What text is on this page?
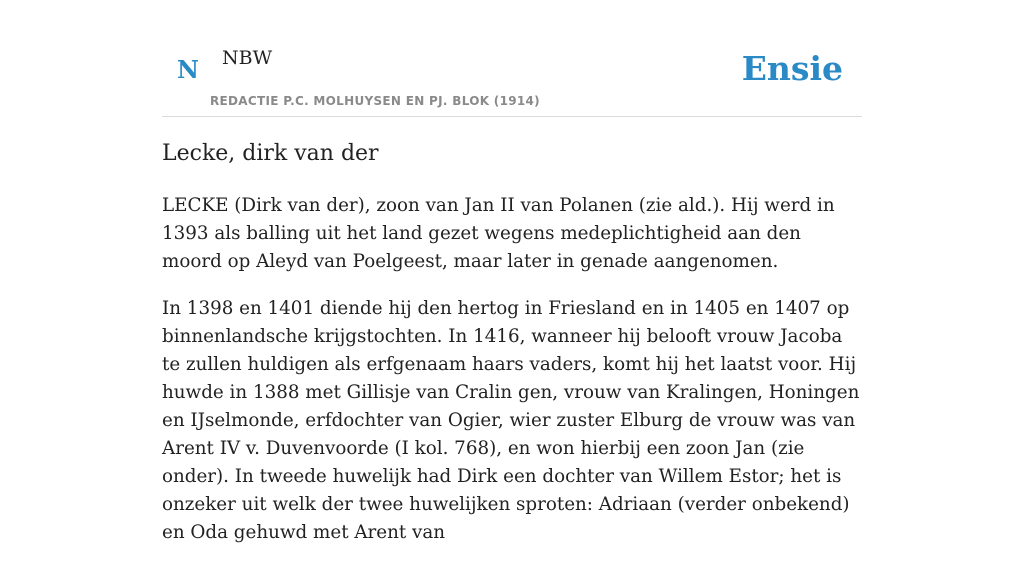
N NBW
REDACTIE P.C. MOLHUYSEN EN PJ. BLOK (1914)
Ensie
Lecke, dirk van der

LECKE (Dirk van der), zoon van Jan II van Polanen (zie ald.). Hij werd in 1393 als balling uit het land gezet wegens medeplichtigheid aan den moord op Aleyd van Poelgeest, maar later in genade aangenomen.

In 1398 en 1401 diende hij den hertog in Friesland en in 1405 en 1407 op binnenlandsche krijgstochten. In 1416, wanneer hij belooft vrouw Jacoba te zullen huldigen als erfgenaam haars vaders, komt hij het laatst voor. Hij huwde in 1388 met Gillisje van Cralin gen, vrouw van Kralingen, Honingen en IJselmonde, erfdochter van Ogier, wier zuster Elburg de vrouw was van Arent IV v. Duvenvoorde (I kol. 768), en won hierbij een zoon Jan (zie onder). In tweede huwelijk had Dirk een dochter van Willem Estor; het is onzeker uit welk der twee huwelijken sproten: Adriaan (verder onbekend) en Oda gehuwd met Arent van
